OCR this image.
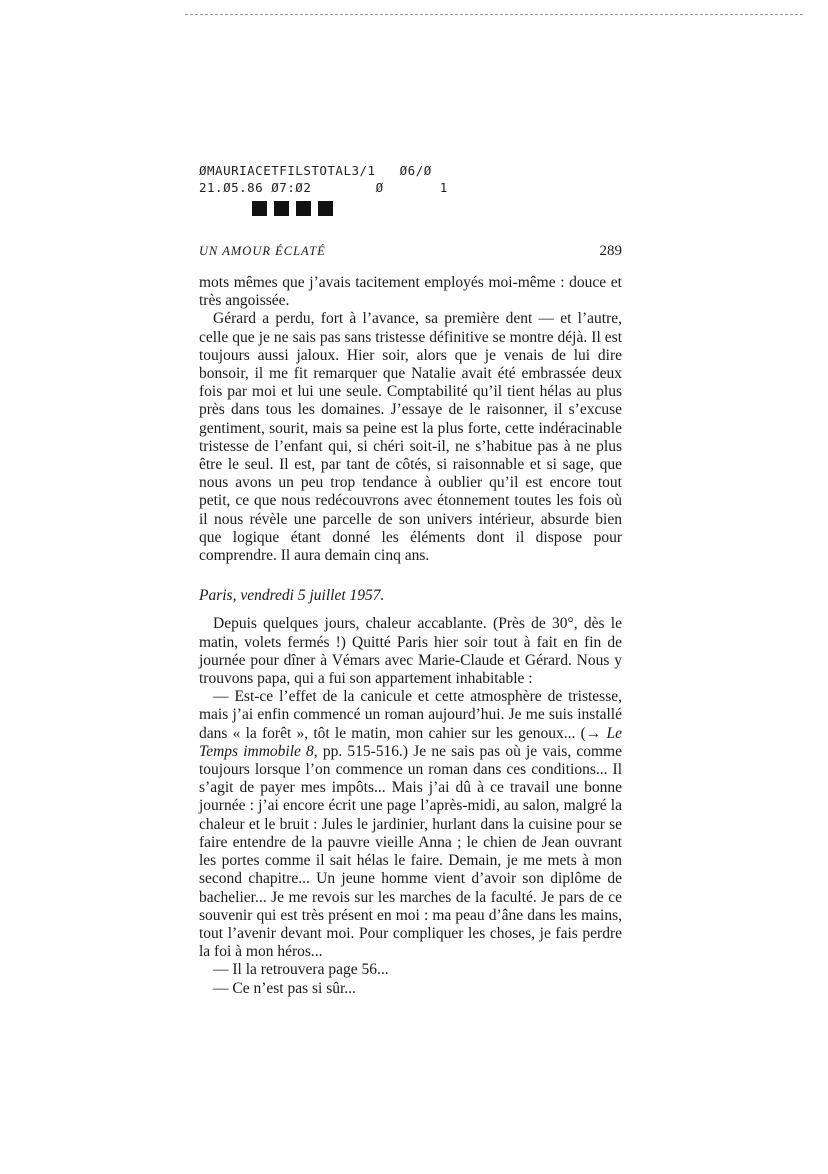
ØMAURIACETFILSTOTAL3/1   Ø6/Ø
21.Ø5.86 Ø7:Ø2        Ø       1
UN AMOUR ÉCLATÉ	289

mots mêmes que j’avais tacitement employés moi-même : douce et très angoissée.

Gérard a perdu, fort à l’avance, sa première dent — et l’autre, celle que je ne sais pas sans tristesse définitive se montre déjà. Il est toujours aussi jaloux. Hier soir, alors que je venais de lui dire bonsoir, il me fit remarquer que Natalie avait été embrassée deux fois par moi et lui une seule. Comptabilité qu’il tient hélas au plus près dans tous les domaines. J’essaye de le raisonner, il s’excuse gentiment, sourit, mais sa peine est la plus forte, cette indéracinable tristesse de l’enfant qui, si chéri soit-il, ne s’habitue pas à ne plus être le seul. Il est, par tant de côtés, si raisonnable et si sage, que nous avons un peu trop tendance à oublier qu’il est encore tout petit, ce que nous redécouvrons avec étonnement toutes les fois où il nous révèle une parcelle de son univers intérieur, absurde bien que logique étant donné les éléments dont il dispose pour comprendre. Il aura demain cinq ans.

Paris, vendredi 5 juillet 1957.

Depuis quelques jours, chaleur accablante. (Près de 30°, dès le matin, volets fermés !) Quitté Paris hier soir tout à fait en fin de journée pour dîner à Vémars avec Marie-Claude et Gérard. Nous y trouvons papa, qui a fui son appartement inhabitable :

— Est-ce l’effet de la canicule et cette atmosphère de tristesse, mais j’ai enfin commencé un roman aujourd’hui. Je me suis installé dans « la forêt », tôt le matin, mon cahier sur les genoux... (→ Le Temps immobile 8, pp. 515-516.) Je ne sais pas où je vais, comme toujours lorsque l’on commence un roman dans ces conditions... Il s’agit de payer mes impôts... Mais j’ai dû à ce travail une bonne journée : j’ai encore écrit une page l’après-midi, au salon, malgré la chaleur et le bruit : Jules le jardinier, hurlant dans la cuisine pour se faire entendre de la pauvre vieille Anna ; le chien de Jean ouvrant les portes comme il sait hélas le faire. Demain, je me mets à mon second chapitre... Un jeune homme vient d’avoir son diplôme de bachelier... Je me revois sur les marches de la faculté. Je pars de ce souvenir qui est très présent en moi : ma peau d’âne dans les mains, tout l’avenir devant moi. Pour compliquer les choses, je fais perdre la foi à mon héros...

— Il la retrouvera page 56...

— Ce n’est pas si sûr...
